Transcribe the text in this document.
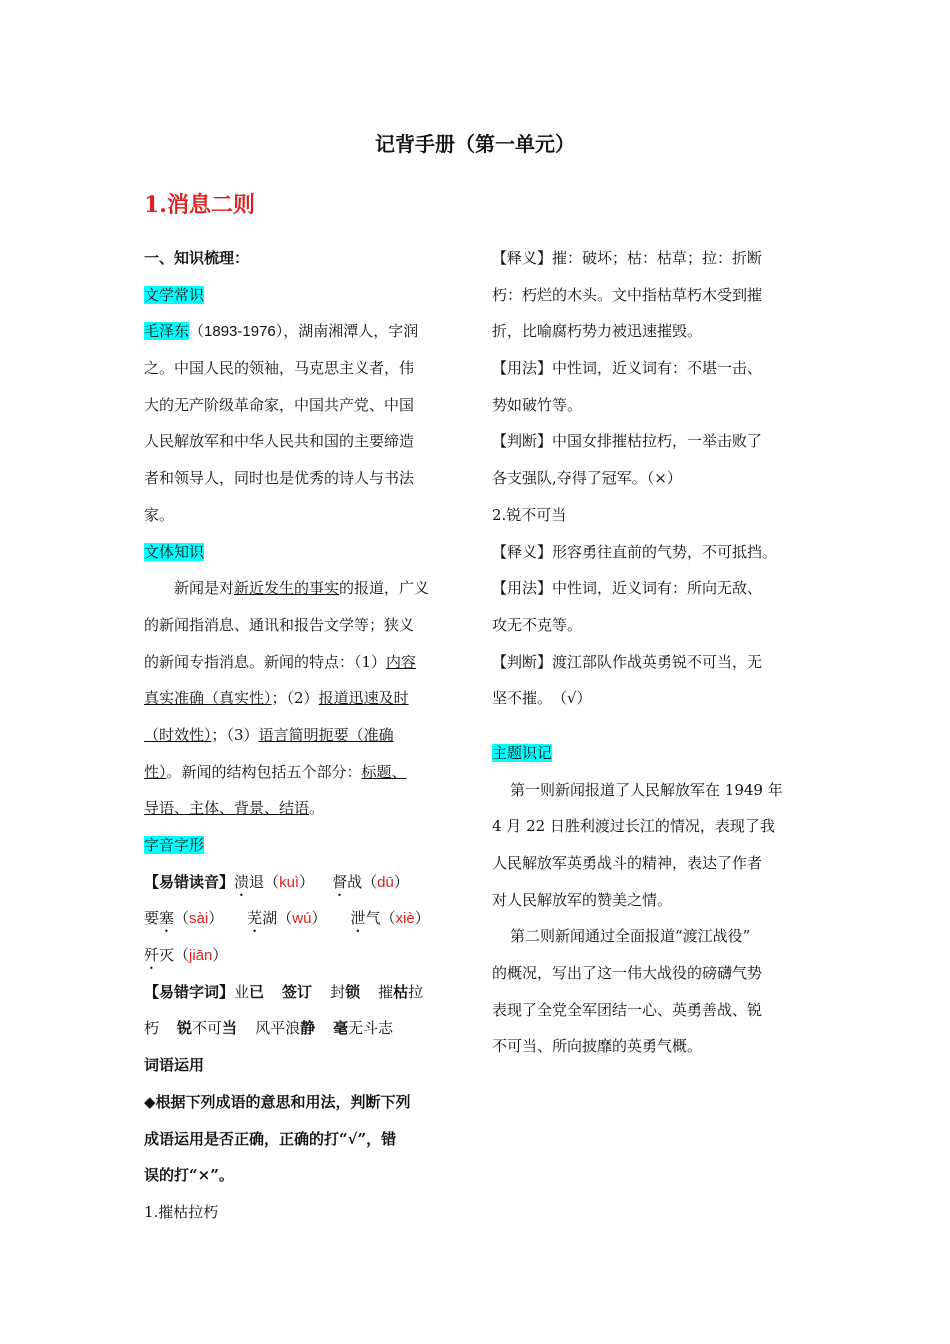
记背手册（第一单元）
1.消息二则
一、知识梳理：
文学常识
毛泽东（1893-1976），湖南湘潭人，字润
之。中国人民的领袖，马克思主义者，伟
大的无产阶级革命家，中国共产党、中国
人民解放军和中华人民共和国的主要缔造
者和领导人，同时也是优秀的诗人与书法
家。
文体知识
新闻是对新近发生的事实的报道，广义
的新闻指消息、通讯和报告文学等；狭义
的新闻专指消息。新闻的特点：（1）内容
真实准确（真实性）；（2）报道迅速及时
（时效性）；（3）语言简明扼要（准确
性）。新闻的结构包括五个部分：标题、
导语、主体、背景、结语。
字音字形
【易错读音】溃退（kuì） 督战（dū）
要塞（sài） 芜湖（wú） 泄气（xiè）
歼灭（jiān）
【易错字词】业已 签订 封锁 摧枯拉
朽 锐不可当 风平浪静 毫无斗志
词语运用
◆根据下列成语的意思和用法，判断下列
成语运用是否正确，正确的打“√”，错
误的打“×”。
1.摧枯拉朽
【释义】摧：破坏；枯：枯草；拉：折断
朽：朽烂的木头。文中指枯草朽木受到摧
折，比喻腐朽势力被迅速摧毁。
【用法】中性词，近义词有：不堪一击、
势如破竹等。
【判断】中国女排摧枯拉朽，一举击败了
各支强队,夺得了冠军。（×）
2.锐不可当
【释义】形容勇往直前的气势，不可抵挡。
【用法】中性词，近义词有：所向无敌、
攻无不克等。
【判断】渡江部队作战英勇锐不可当，无
坚不摧。　（√）
主题识记
第一则新闻报道了人民解放军在 1949 年
4 月 22 日胜利渡过长江的情况，表现了我
人民解放军英勇战斗的精神，表达了作者
对人民解放军的赞美之情。
第二则新闻通过全面报道“渡江战役”
的概况，写出了这一伟大战役的磅礴气势
表现了全党全军团结一心、英勇善战、锐
不可当、所向披靡的英勇气概。
